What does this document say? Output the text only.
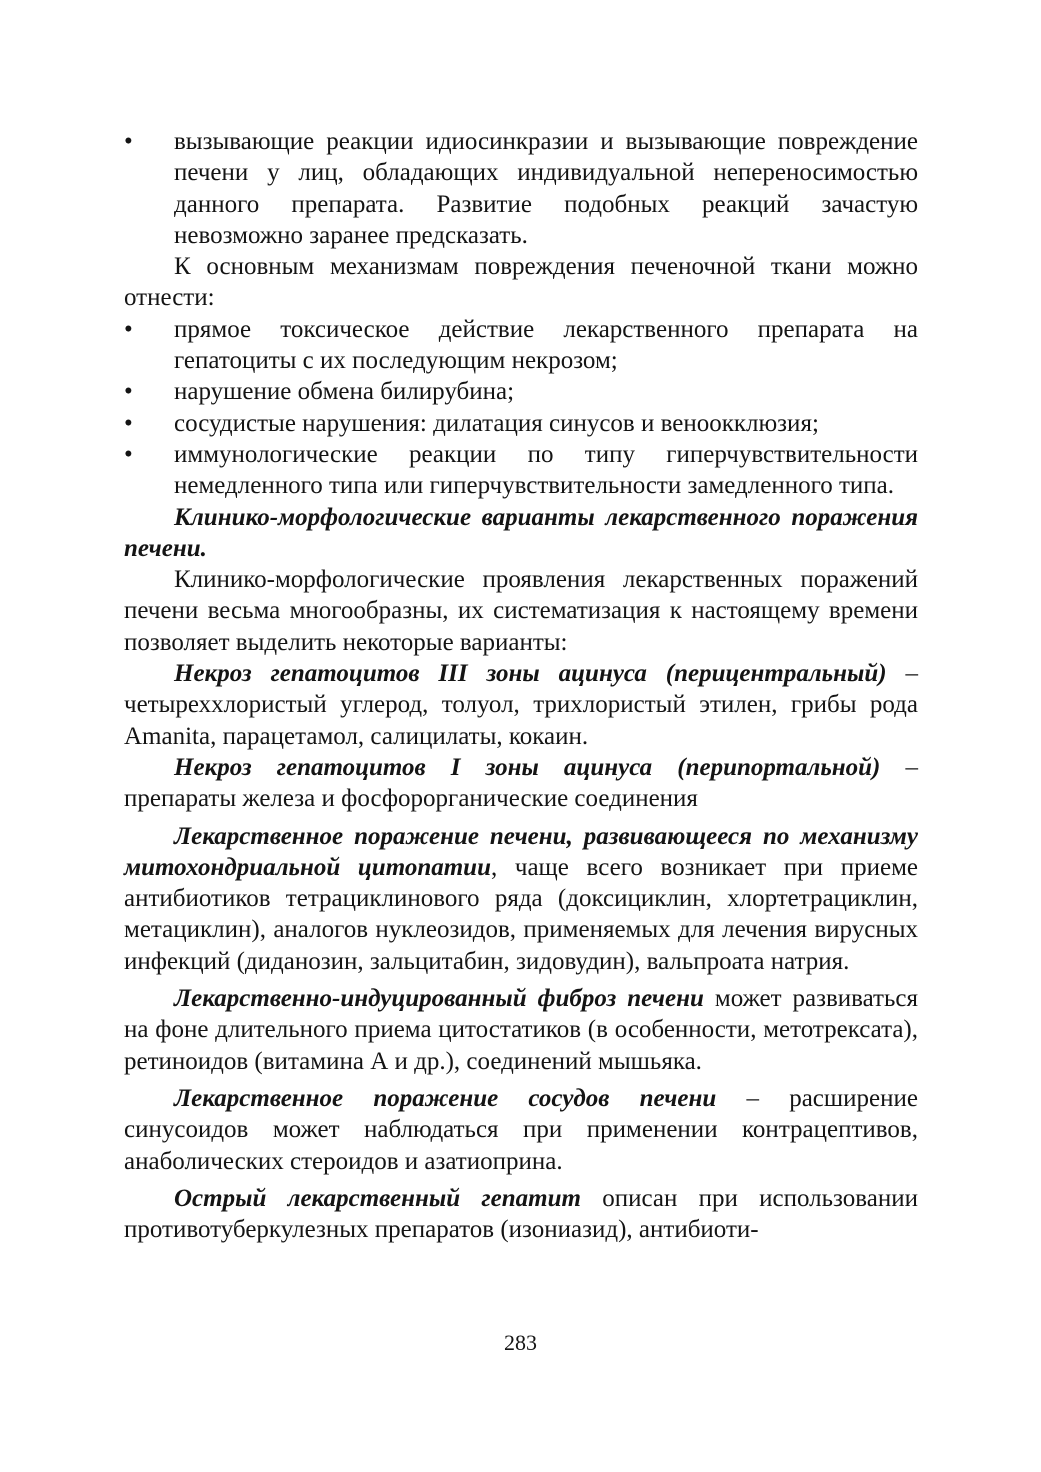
• вызывающие реакции идиосинкразии и вызывающие повреждение печени у лиц, обладающих индивидуальной непереносимостью данного препарата. Развитие подобных реакций зачастую невозможно заранее предсказать.

К основным механизмам повреждения печеночной ткани можно отнести:

• прямое токсическое действие лекарственного препарата на гепатоциты с их последующим некрозом;

• нарушение обмена билирубина;

• сосудистые нарушения: дилатация синусов и веноокклюзия;

• иммунологические реакции по типу гиперчувствительности немедленного типа или гиперчувствительности замедленного типа.

Клинико-морфологические варианты лекарственного поражения печени.

Клинико-морфологические проявления лекарственных поражений печени весьма многообразны, их систематизация к настоящему времени позволяет выделить некоторые варианты:

Некроз гепатоцитов III зоны ацинуса (перицентральный) – четыреххлористый углерод, толуол, трихлористый этилен, грибы рода Amanita, парацетамол, салицилаты, кокаин.

Некроз гепатоцитов I зоны ацинуса (перипортальной) – препараты железа и фосфорорганические соединения

Лекарственное поражение печени, развивающееся по механизму митохондриальной цитопатии, чаще всего возникает при приеме антибиотиков тетрациклинового ряда (доксициклин, хлортетрациклин, метациклин), аналогов нуклеозидов, применяемых для лечения вирусных инфекций (диданозин, зальцитабин, зидовудин), вальпроата натрия.

Лекарственно-индуцированный фиброз печени может развиваться на фоне длительного приема цитостатиков (в особенности, метотрексата), ретиноидов (витамина А и др.), соединений мышьяка.

Лекарственное поражение сосудов печени – расширение синусоидов может наблюдаться при применении контрацептивов, анаболических стероидов и азатиоприна.

Острый лекарственный гепатит описан при использовании противотуберкулезных препаратов (изониазид), антибиоти-

283
